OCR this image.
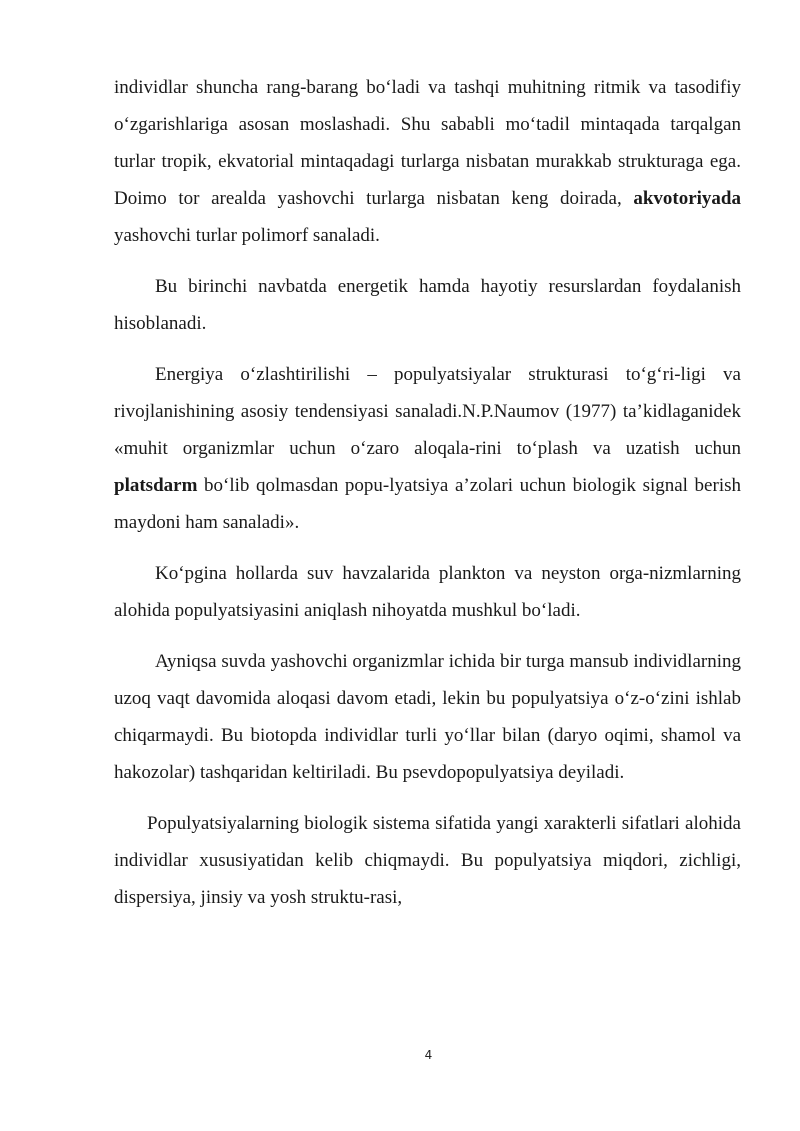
individlar shuncha rang-barang bo‘ladi va tashqi muhitning ritmik va tasodifiy o‘zgarishlariga asosan moslashadi. Shu sababli mo‘tadil mintaqada tarqalgan turlar tropik, ekvatorial mintaqadagi turlarga nisbatan murakkab strukturaga ega. Doimo tor arealda yashovchi turlarga nisbatan keng doirada, akvotoriyada yashovchi turlar polimorf sanaladi.

Bu birinchi navbatda energetik hamda hayotiy resurslardan foydalanish hisoblanadi.

Energiya o‘zlashtirilishi – populyatsiyalar strukturasi to‘g‘ri-ligi va rivojlanishining asosiy tendensiyasi sanaladi.N.P.Naumov (1977) ta’kidlaganidek «muhit organizmlar uchun o‘zaro aloqala-rini to‘plash va uzatish uchun platsdarm bo‘lib qolmasdan popu-lyatsiya a’zolari uchun biologik signal berish maydoni ham sanaladi».

Ko‘pgina hollarda suv havzalarida plankton va neyston orga-nizmlarning alohida populyatsiyasini aniqlash nihoyatda mushkul bo‘ladi.

Ayniqsa suvda yashovchi organizmlar ichida bir turga mansub individlarning uzoq vaqt davomida aloqasi davom etadi, lekin bu populyatsiya o‘z-o‘zini ishlab chiqarmaydi. Bu biotopda individlar turli yo‘llar bilan (daryo oqimi, shamol va hakozolar) tashqaridan keltiriladi. Bu psevdopopulyatsiya deyiladi.

Populyatsiyalarning biologik sistema sifatida yangi xarakterli sifatlari alohida individlar xususiyatidan kelib chiqmaydi. Bu populyatsiya miqdori, zichligi, dispersiya, jinsiy va yosh struktu-rasi,

4
